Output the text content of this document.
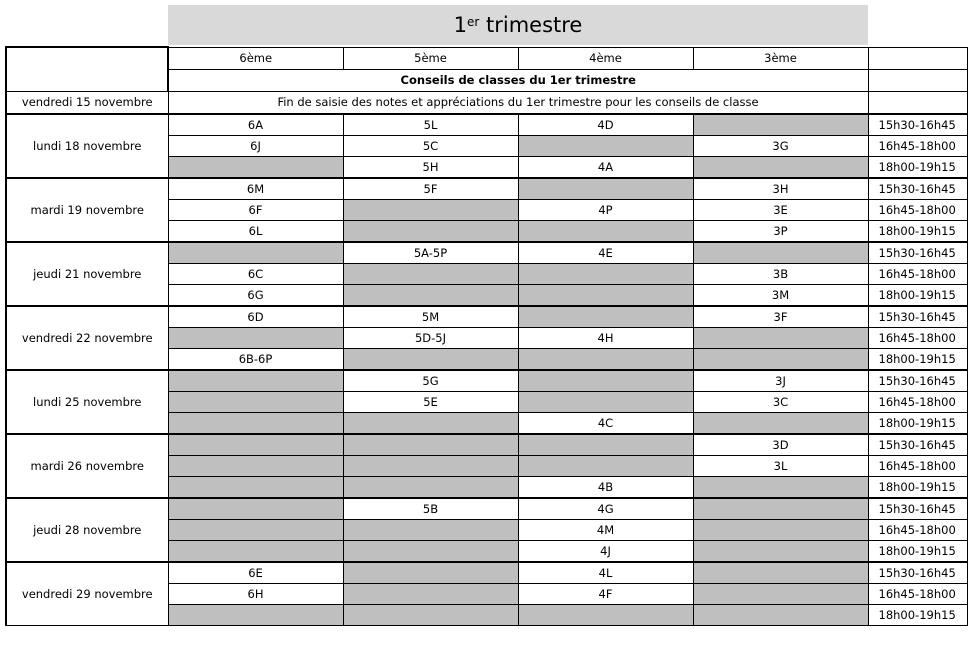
1er trimestre
	6ème	5ème	4ème	3ème	
	Conseils de classes du 1er trimestre				
vendredi 15 novembre	Fin de saisie des notes et appréciations du 1er trimestre pour les conseils de classe				
lundi 18 novembre	6A	5L	4D		15h30-16h45
	6J	5C		3G	16h45-18h00
		5H	4A		18h00-19h15
mardi 19 novembre	6M	5F		3H	15h30-16h45
	6F		4P	3E	16h45-18h00
	6L			3P	18h00-19h15
jeudi 21 novembre		5A-5P	4E		15h30-16h45
	6C			3B	16h45-18h00
	6G			3M	18h00-19h15
vendredi 22 novembre	6D	5M		3F	15h30-16h45
		5D-5J	4H		16h45-18h00
	6B-6P				18h00-19h15
lundi 25 novembre		5G		3J	15h30-16h45
		5E		3C	16h45-18h00
			4C		18h00-19h15
mardi 26 novembre				3D	15h30-16h45
				3L	16h45-18h00
			4B		18h00-19h15
jeudi 28 novembre		5B	4G		15h30-16h45
			4M		16h45-18h00
			4J		18h00-19h15
vendredi 29 novembre	6E		4L		15h30-16h45
	6H		4F		16h45-18h00
					18h00-19h15
